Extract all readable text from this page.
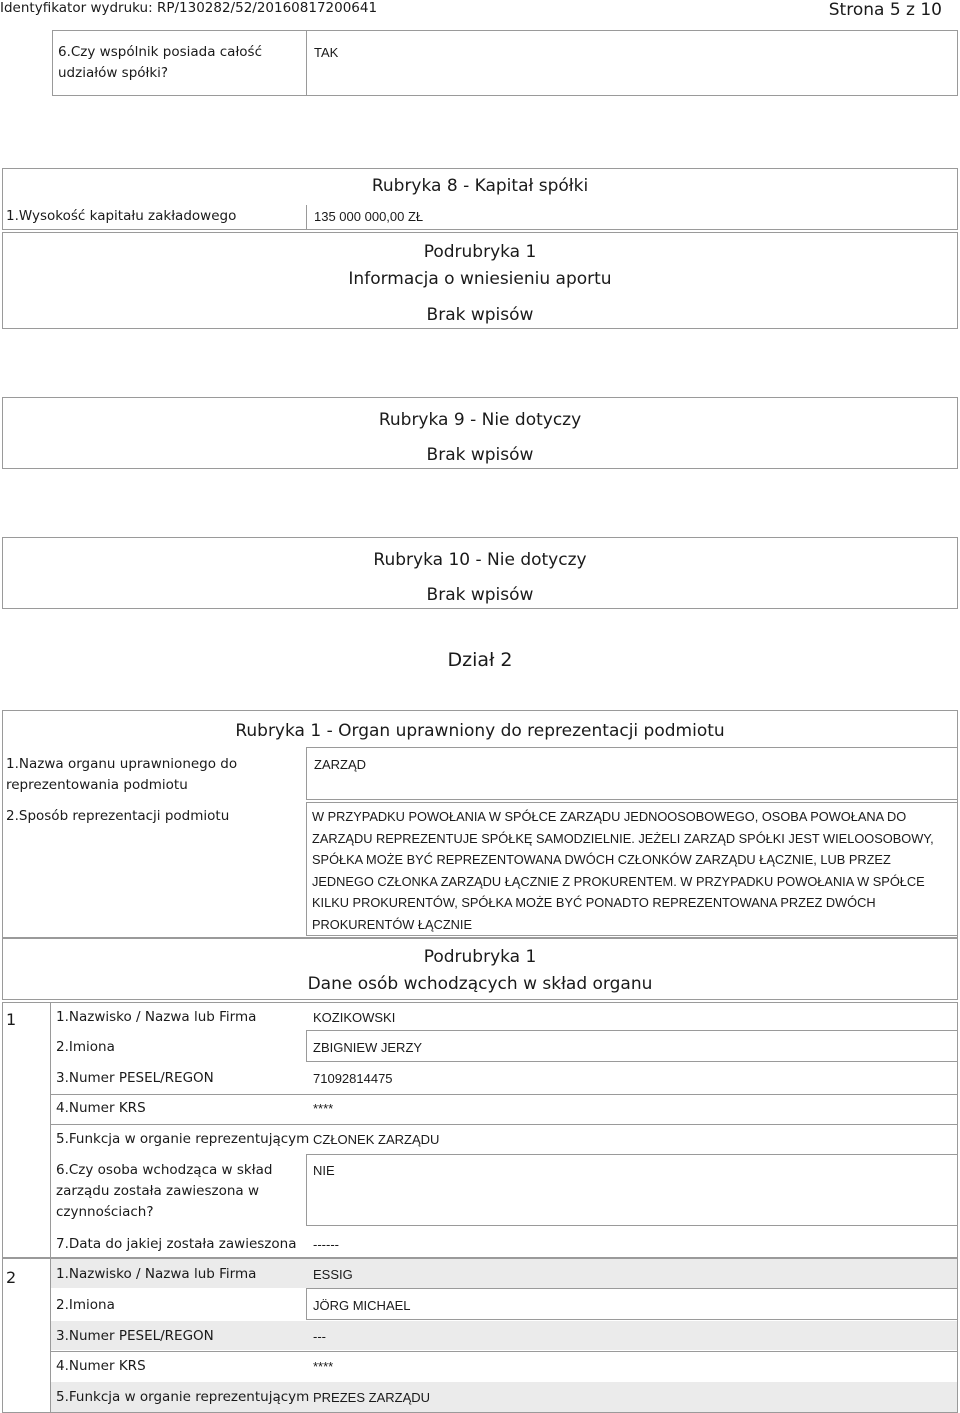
Identyfikator wydruku: RP/130282/52/20160817200641	Strona 5 z 10
6.Czy wspólnik posiada całość udziałów spółki?
TAK
Rubryka 8 - Kapitał spółki
1.Wysokość kapitału zakładowego	135 000 000,00 ZŁ
Podrubryka 1
Informacja o wniesieniu aportu
Brak wpisów
Rubryka 9 - Nie dotyczy
Brak wpisów
Rubryka 10 - Nie dotyczy
Brak wpisów
Dział 2
Rubryka 1 - Organ uprawniony do reprezentacji podmiotu
1.Nazwa organu uprawnionego do reprezentowania podmiotu
ZARZĄD
2.Sposób reprezentacji podmiotu	W PRZYPADKU POWOŁANIA W SPÓŁCE ZARZĄDU JEDNOOSOBOWEGO, OSOBA POWOŁANA DO ZARZĄDU REPREZENTUJE SPÓŁKĘ SAMODZIELNIE. JEŻELI ZARZĄD SPÓŁKI JEST WIELOOSOBOWY, SPÓŁKA MOŻE BYĆ REPREZENTOWANA DWÓCH CZŁONKÓW ZARZĄDU ŁĄCZNIE, LUB PRZEZ JEDNEGO CZŁONKA ZARZĄDU ŁĄCZNIE Z PROKURENTEM. W PRZYPADKU POWOŁANIA W SPÓŁCE KILKU PROKURENTÓW, SPÓŁKA MOŻE BYĆ PONADTO REPREZENTOWANA PRZEZ DWÓCH PROKURENTÓW ŁĄCZNIE
Podrubryka 1
Dane osób wchodzących w skład organu
1	1.Nazwisko / Nazwa lub Firma	KOZIKOWSKI
2.Imiona	ZBIGNIEW JERZY
3.Numer PESEL/REGON	71092814475
4.Numer KRS	****
5.Funkcja w organie reprezentującym CZŁONEK ZARZĄDU
6.Czy osoba wchodząca w skład zarządu została zawieszona w czynnościach?
NIE
7.Data do jakiej została zawieszona ------
2	1.Nazwisko / Nazwa lub Firma	ESSIG
2.Imiona	JÖRG MICHAEL
3.Numer PESEL/REGON	---
4.Numer KRS	****
5.Funkcja w organie reprezentującym PREZES ZARZĄDU
